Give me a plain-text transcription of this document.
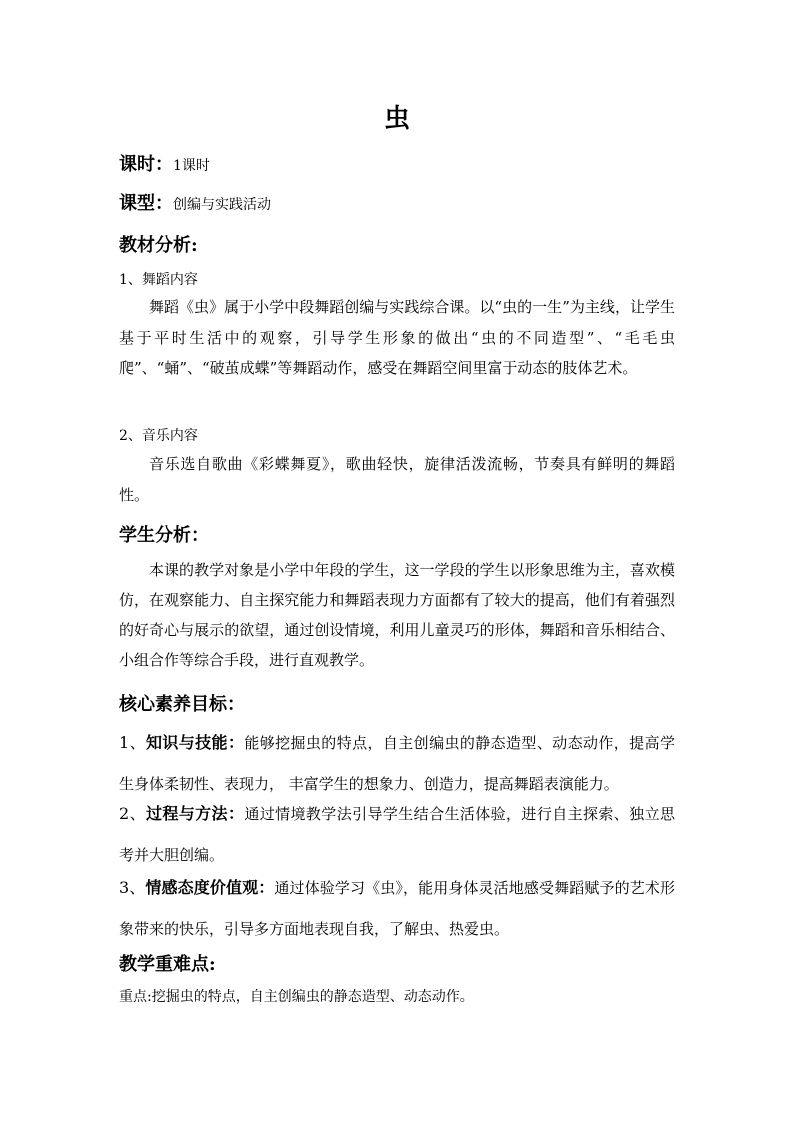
虫
课时：1课时
课型：创编与实践活动
教材分析:
1、舞蹈内容
舞蹈《虫》属于小学中段舞蹈创编与实践综合课。以“虫的一生”为主线，让学生基于平时生活中的观察，引导学生形象的做出“虫的不同造型”、“毛毛虫爬”、“蛹”、“破茧成蝶”等舞蹈动作，感受在舞蹈空间里富于动态的肢体艺术。
2、音乐内容
音乐选自歌曲《彩蝶舞夏》，歌曲轻快，旋律活泼流畅，节奏具有鲜明的舞蹈性。
学生分析：
本课的教学对象是小学中年段的学生，这一学段的学生以形象思维为主，喜欢模仿，在观察能力、自主探究能力和舞蹈表现力方面都有了较大的提高，他们有着强烈的好奇心与展示的欲望，通过创设情境，利用儿童灵巧的形体，舞蹈和音乐相结合、小组合作等综合手段，进行直观教学。
核心素养目标：
1、知识与技能：能够挖掘虫的特点，自主创编虫的静态造型、动态动作，提高学生身体柔韧性、表现力， 丰富学生的想象力、创造力，提高舞蹈表演能力。
2、过程与方法：通过情境教学法引导学生结合生活体验，进行自主探索、独立思考并大胆创编。
3、情感态度价值观：通过体验学习《虫》，能用身体灵活地感受舞蹈赋予的艺术形象带来的快乐，引导多方面地表现自我，了解虫、热爱虫。
教学重难点:
重点:挖掘虫的特点，自主创编虫的静态造型、动态动作。
